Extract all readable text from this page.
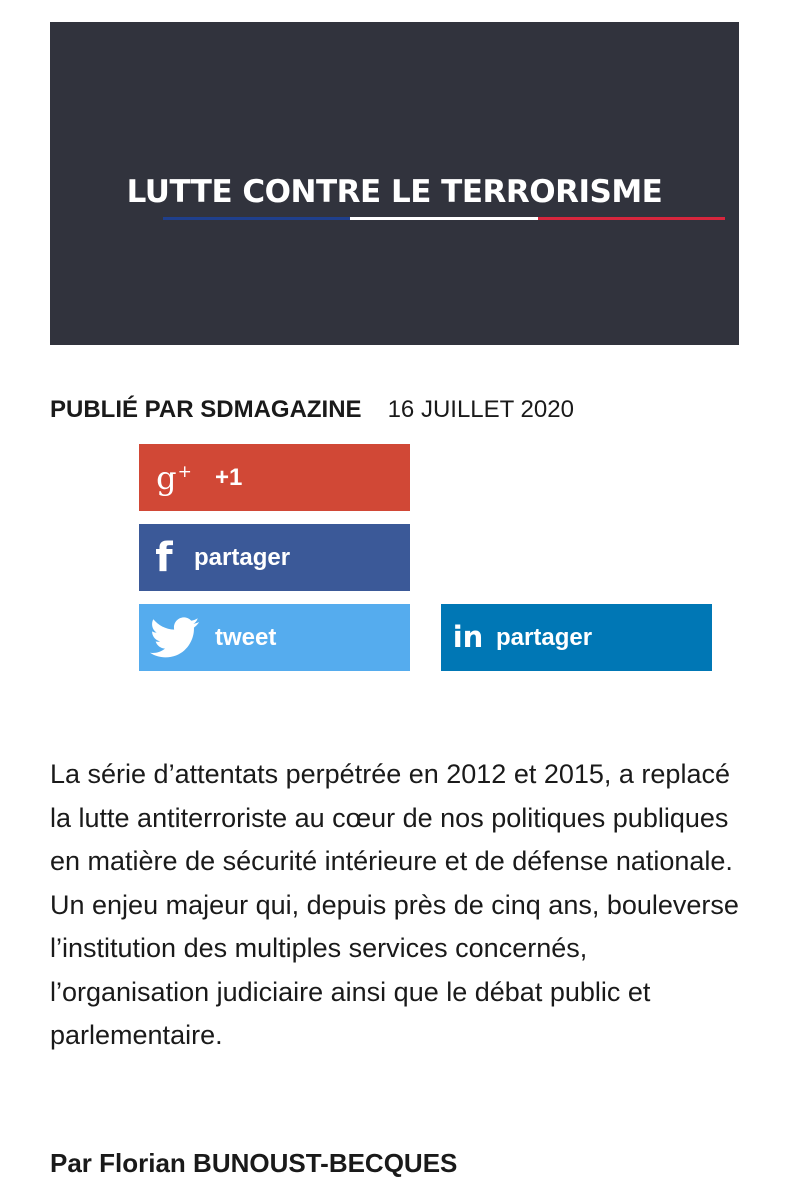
LUTTE CONTRE LE TERRORISME
PUBLIÉ PAR SDMAGAZINE 16 JUILLET 2020
g+ +1
f partager
tweet	in partager

La série d’attentats perpétrée en 2012 et 2015, a replacé la lutte antiterroriste au cœur de nos politiques publiques en matière de sécurité intérieure et de défense nationale. Un enjeu majeur qui, depuis près de cinq ans, bouleverse l’institution des multiples services concernés, l’organisation judiciaire ainsi que le débat public et parlementaire.

Par Florian BUNOUST-BECQUES
